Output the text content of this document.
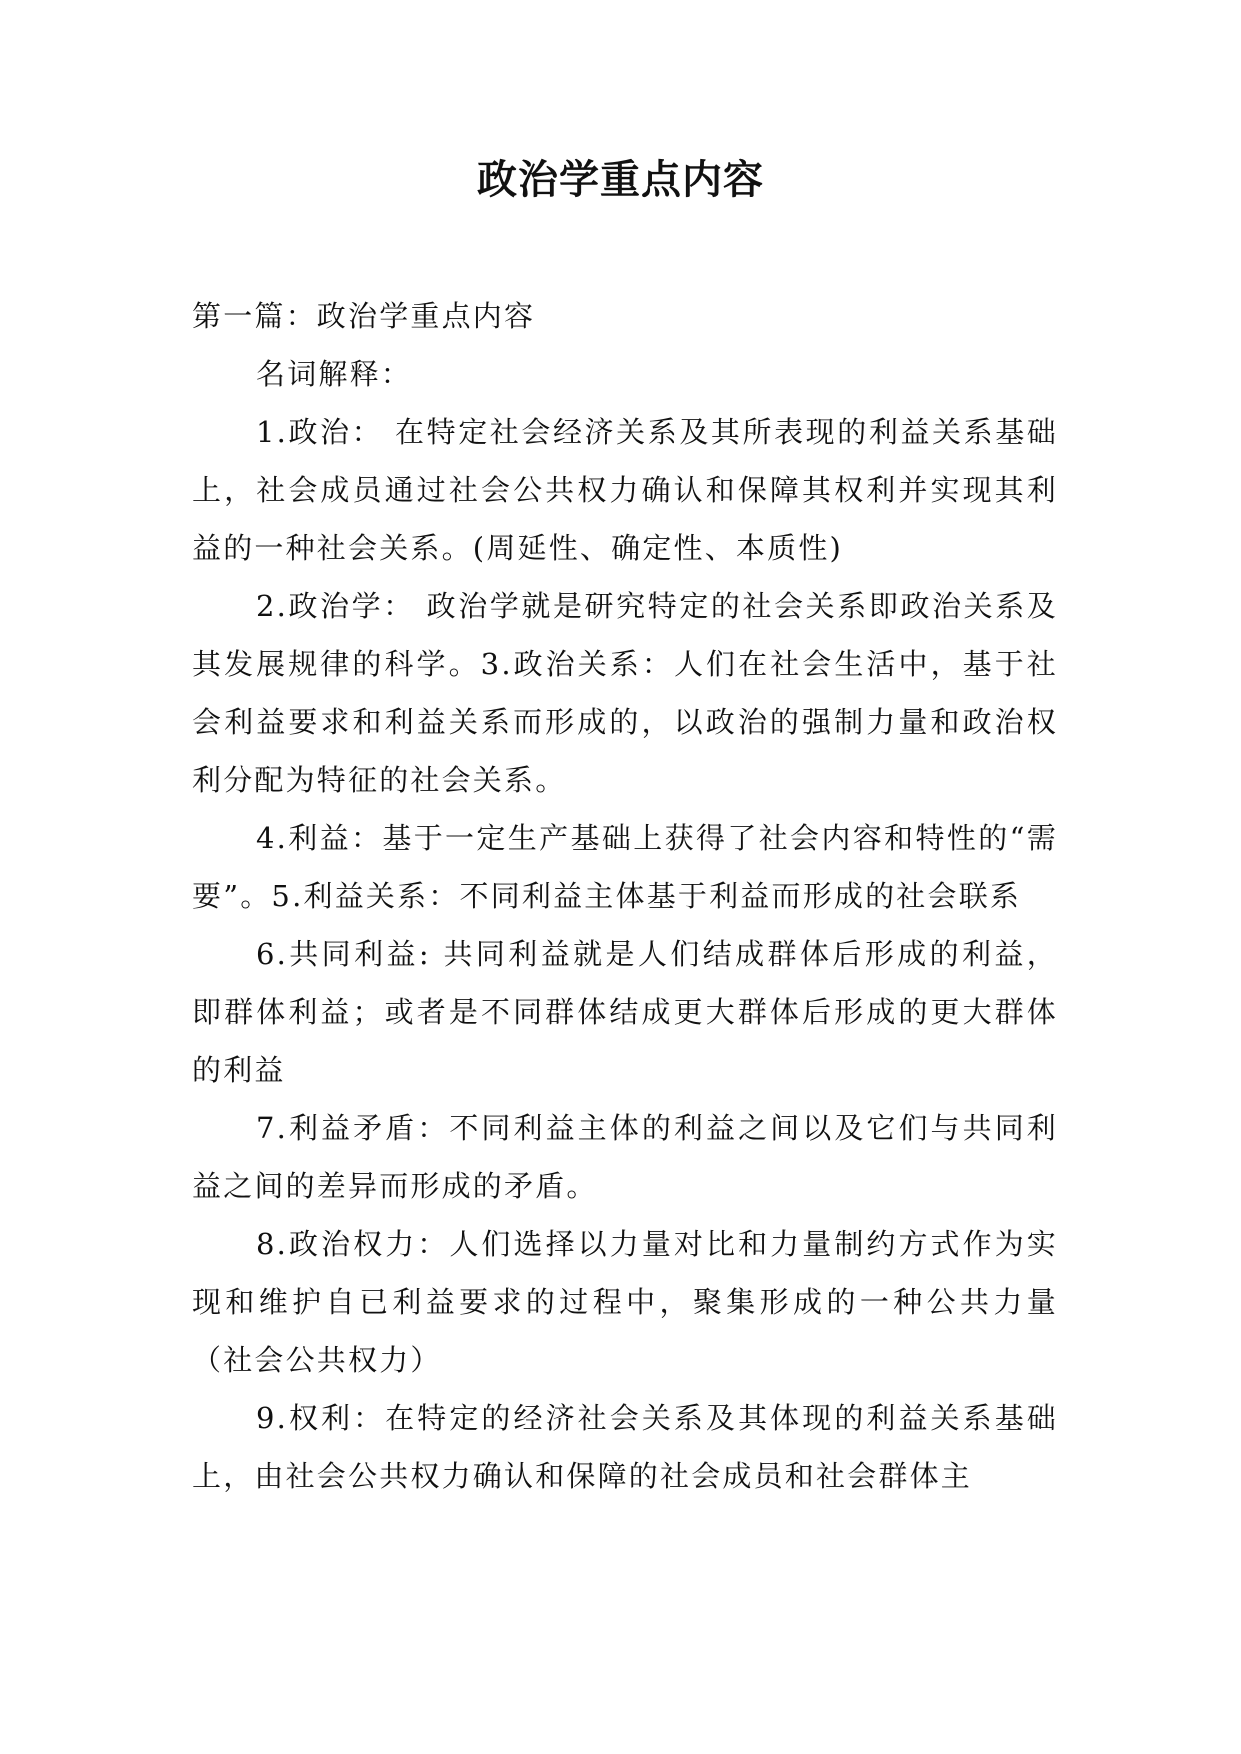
政治学重点内容

第一篇：政治学重点内容

名词解释：

1.政治： 在特定社会经济关系及其所表现的利益关系基础上，社会成员通过社会公共权力确认和保障其权利并实现其利益的一种社会关系。(周延性、确定性、本质性)

2.政治学： 政治学就是研究特定的社会关系即政治关系及其发展规律的科学。3.政治关系：人们在社会生活中，基于社会利益要求和利益关系而形成的，以政治的强制力量和政治权利分配为特征的社会关系。

4.利益：基于一定生产基础上获得了社会内容和特性的“需要”。5.利益关系：不同利益主体基于利益而形成的社会联系

6.共同利益: 共同利益就是人们结成群体后形成的利益，即群体利益；或者是不同群体结成更大群体后形成的更大群体的利益

7.利益矛盾：不同利益主体的利益之间以及它们与共同利益之间的差异而形成的矛盾。

8.政治权力：人们选择以力量对比和力量制约方式作为实现和维护自已利益要求的过程中，聚集形成的一种公共力量（社会公共权力）

9.权利：在特定的经济社会关系及其体现的利益关系基础上，由社会公共权力确认和保障的社会成员和社会群体主
